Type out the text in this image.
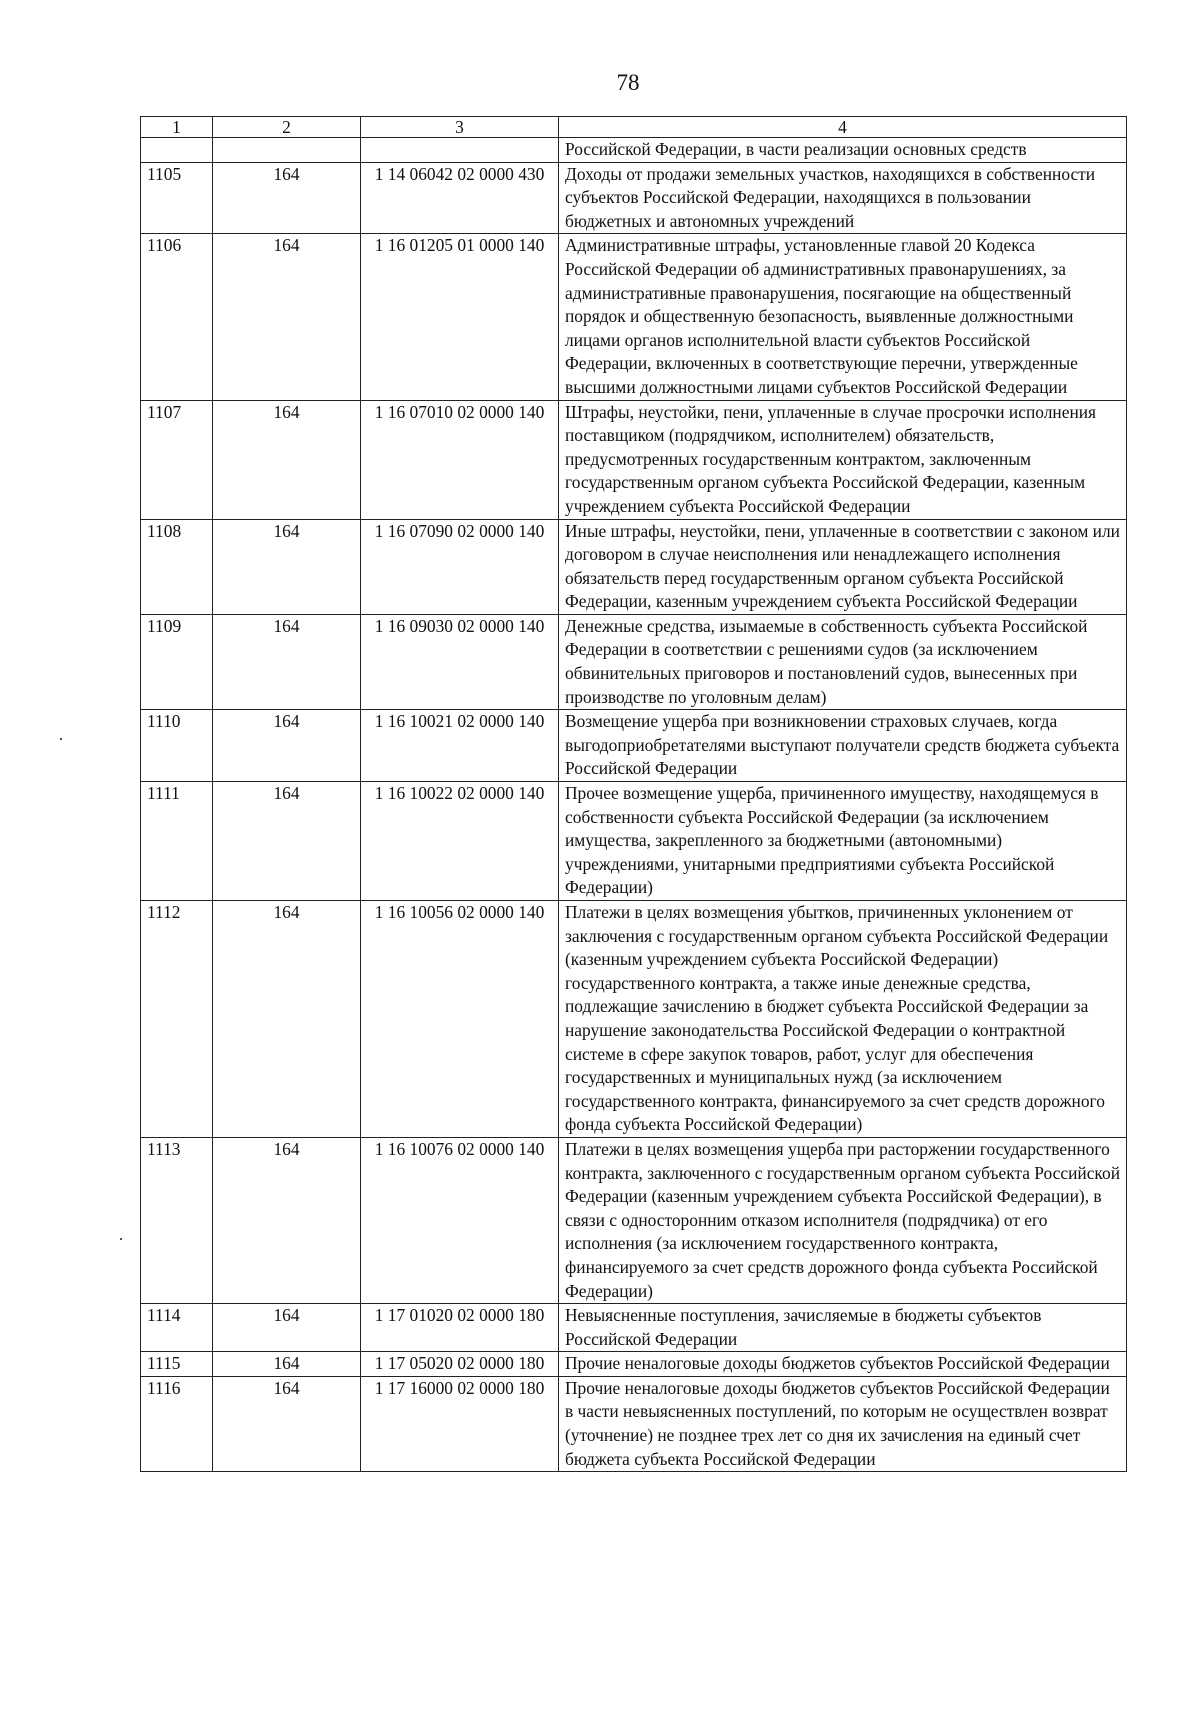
78
1	2	3	4
			Российской Федерации, в части реализации основных средств
1105	164	1 14 06042 02 0000 430	Доходы от продажи земельных участков, находящихся в собственности субъектов Российской Федерации, находящихся в пользовании бюджетных и автономных учреждений
1106	164	1 16 01205 01 0000 140	Административные штрафы, установленные главой 20 Кодекса Российской Федерации об административных правонарушениях, за административные правонарушения, посягающие на общественный порядок и общественную безопасность, выявленные должностными лицами органов исполнительной власти субъектов Российской Федерации, включенных в соответствующие перечни, утвержденные высшими должностными лицами субъектов Российской Федерации
1107	164	1 16 07010 02 0000 140	Штрафы, неустойки, пени, уплаченные в случае просрочки исполнения поставщиком (подрядчиком, исполнителем) обязательств, предусмотренных государственным контрактом, заключенным государственным органом субъекта Российской Федерации, казенным учреждением субъекта Российской Федерации
1108	164	1 16 07090 02 0000 140	Иные штрафы, неустойки, пени, уплаченные в соответствии с законом или договором в случае неисполнения или ненадлежащего исполнения обязательств перед государственным органом субъекта Российской Федерации, казенным учреждением субъекта Российской Федерации
1109	164	1 16 09030 02 0000 140	Денежные средства, изымаемые в собственность субъекта Российской Федерации в соответствии с решениями судов (за исключением обвинительных приговоров и постановлений судов, вынесенных при производстве по уголовным делам)
1110	164	1 16 10021 02 0000 140	Возмещение ущерба при возникновении страховых случаев, когда выгодоприобретателями выступают получатели средств бюджета субъекта Российской Федерации
1111	164	1 16 10022 02 0000 140	Прочее возмещение ущерба, причиненного имуществу, находящемуся в собственности субъекта Российской Федерации (за исключением имущества, закрепленного за бюджетными (автономными) учреждениями, унитарными предприятиями субъекта Российской Федерации)
1112	164	1 16 10056 02 0000 140	Платежи в целях возмещения убытков, причиненных уклонением от заключения с государственным органом субъекта Российской Федерации (казенным учреждением субъекта Российской Федерации) государственного контракта, а также иные денежные средства, подлежащие зачислению в бюджет субъекта Российской Федерации за нарушение законодательства Российской Федерации о контрактной системе в сфере закупок товаров, работ, услуг для обеспечения государственных и муниципальных нужд (за исключением государственного контракта, финансируемого за счет средств дорожного фонда субъекта Российской Федерации)
1113	164	1 16 10076 02 0000 140	Платежи в целях возмещения ущерба при расторжении государственного контракта, заключенного с государственным органом субъекта Российской Федерации (казенным учреждением субъекта Российской Федерации), в связи с односторонним отказом исполнителя (подрядчика) от его исполнения (за исключением государственного контракта, финансируемого за счет средств дорожного фонда субъекта Российской Федерации)
1114	164	1 17 01020 02 0000 180	Невыясненные поступления, зачисляемые в бюджеты субъектов Российской Федерации
1115	164	1 17 05020 02 0000 180	Прочие неналоговые доходы бюджетов субъектов Российской Федерации
1116	164	1 17 16000 02 0000 180	Прочие неналоговые доходы бюджетов субъектов Российской Федерации в части невыясненных поступлений, по которым не осуществлен возврат (уточнение) не позднее трех лет со дня их зачисления на единый счет бюджета субъекта Российской Федерации
